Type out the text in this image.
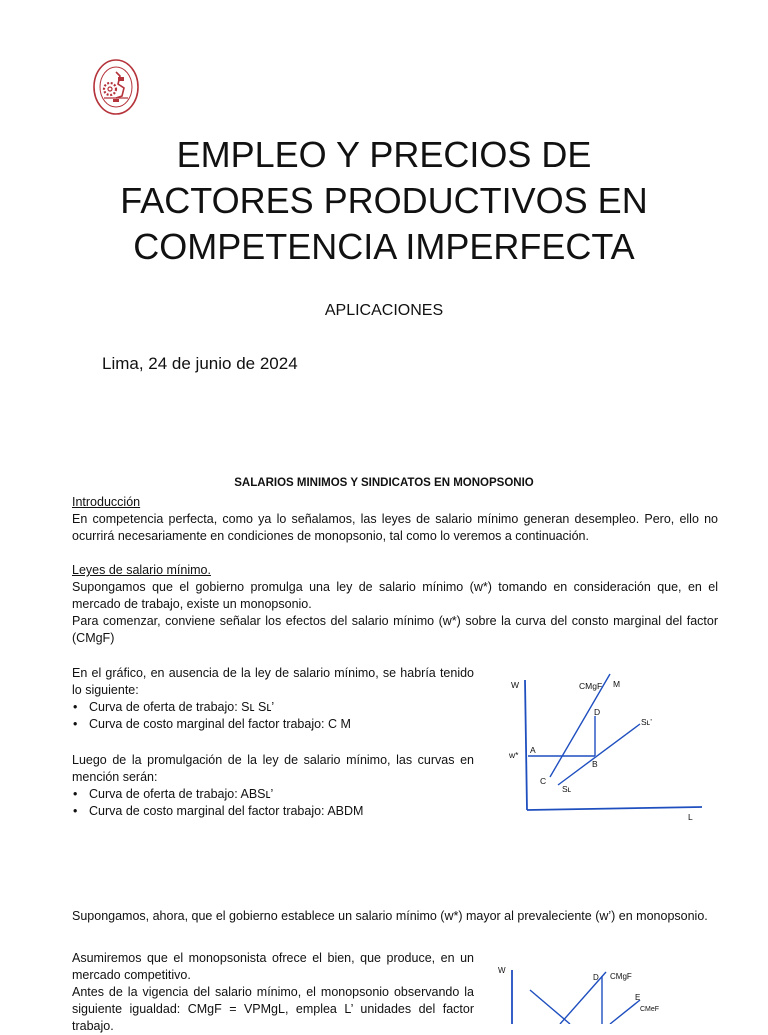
EMPLEO Y PRECIOS DE
FACTORES PRODUCTIVOS EN
COMPETENCIA IMPERFECTA
APLICACIONES
Lima, 24 de junio de 2024
SALARIOS MINIMOS Y SINDICATOS EN MONOPSONIO
Introducción
En competencia perfecta, como ya lo señalamos, las leyes de salario mínimo generan desempleo. Pero, ello no ocurrirá necesariamente en condiciones de monopsonio, tal como lo veremos a continuación.
Leyes de salario mínimo.
Supongamos que el gobierno promulga una ley de salario mínimo (w*) tomando en consideración que, en el mercado de trabajo, existe un monopsonio.
Para comenzar, conviene señalar los efectos del salario mínimo (w*) sobre la curva del consto marginal del factor (CMgF)
En el gráfico, en ausencia de la ley de salario mínimo, se habría tenido lo siguiente:
• Curva de oferta de trabajo: Sʟ Sʟ’
• Curva de costo marginal del factor trabajo: C M
Luego de la promulgación de la ley de salario mínimo, las curvas en mención serán:
• Curva de oferta de trabajo: ABSʟ’
• Curva de costo marginal del factor trabajo: ABDM
W
L
w* A
B
C
D
CMgF M
Sʟ’
Sʟ
Supongamos, ahora, que el gobierno establece un salario mínimo (w*) mayor al prevaleciente (w’) en monopsonio.
Asumiremos que el monopsonista ofrece el bien, que produce, en un mercado competitivo.
Antes de la vigencia del salario mínimo, el monopsonio observando la siguiente igualdad: CMgF = VPMgL, emplea L’ unidades del factor trabajo.
W
D CMgF
E
CMeF
